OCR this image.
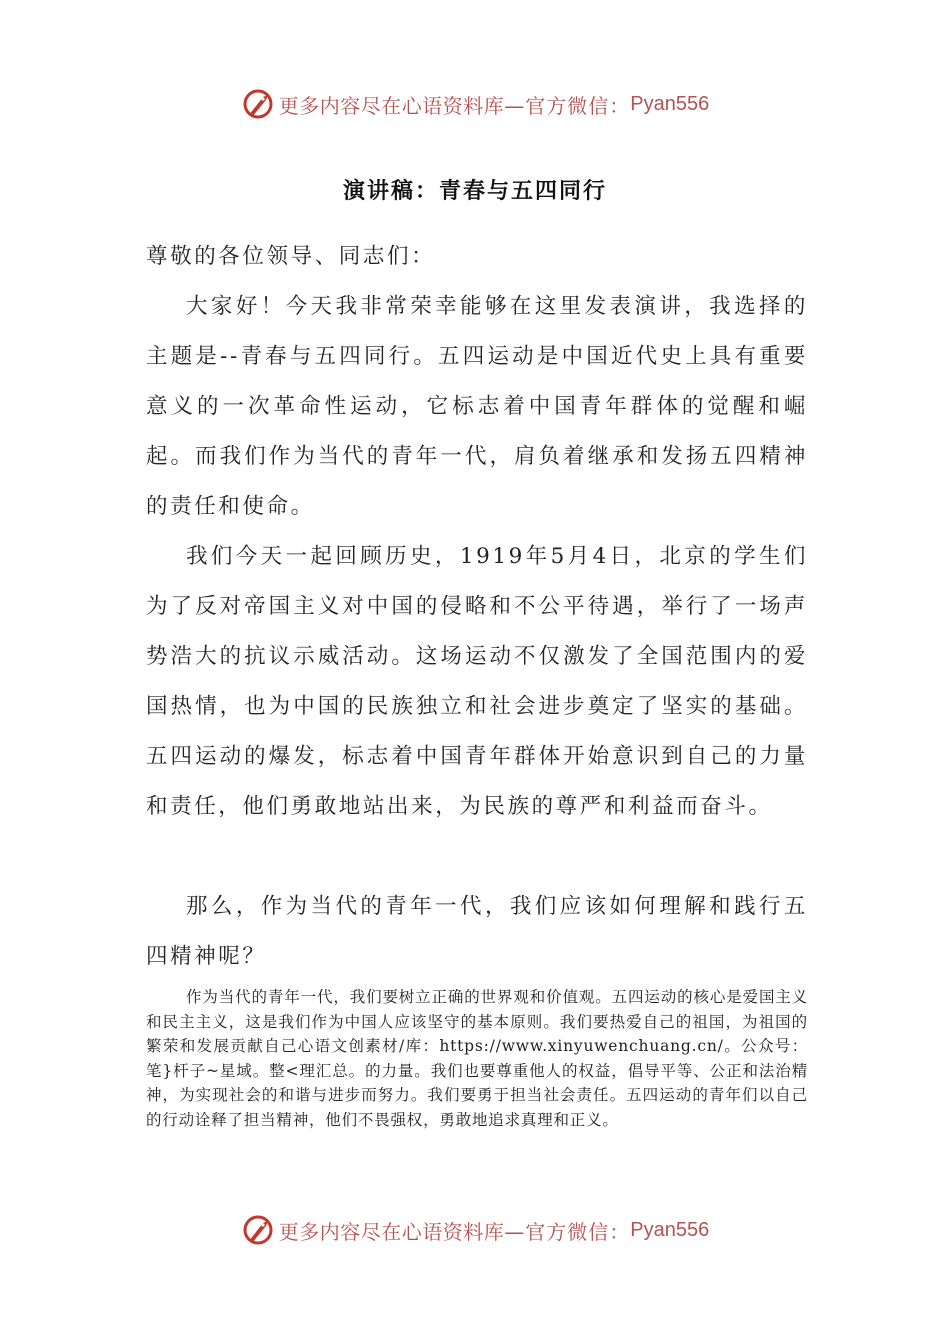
更多内容尽在心语资料库 —官方微信： Pyan556
演讲稿：青春与五四同行

尊敬的各位领导、同志们：

大家好！今天我非常荣幸能够在这里发表演讲，我选择的主题是--青春与五四同行。五四运动是中国近代史上具有重要意义的一次革命性运动，它标志着中国青年群体的觉醒和崛起。而我们作为当代的青年一代，肩负着继承和发扬五四精神的责任和使命。

我们今天一起回顾历史，1919年5月4日，北京的学生们为了反对帝国主义对中国的侵略和不公平待遇，举行了一场声势浩大的抗议示威活动。这场运动不仅激发了全国范围内的爱国热情，也为中国的民族独立和社会进步奠定了坚实的基础。五四运动的爆发，标志着中国青年群体开始意识到自己的力量和责任，他们勇敢地站出来，为民族的尊严和利益而奋斗。

那么，作为当代的青年一代，我们应该如何理解和践行五四精神呢？

作为当代的青年一代，我们要树立正确的世界观和价值观。五四运动的核心是爱国主义和民主主义，这是我们作为中国人应该坚守的基本原则。我们要热爱自己的祖国，为祖国的繁荣和发展贡献自己心语文创素材/库：https://www.xinyuwenchuang.cn/。公众号：笔}杆子~星域。整<理汇总。的力量。我们也要尊重他人的权益，倡导平等、公正和法治精神，为实现社会的和谐与进步而努力。我们要勇于担当社会责任。五四运动的青年们以自己的行动诠释了担当精神，他们不畏强权，勇敢地追求真理和正义。

更多内容尽在心语资料库 —官方微信： Pyan556
